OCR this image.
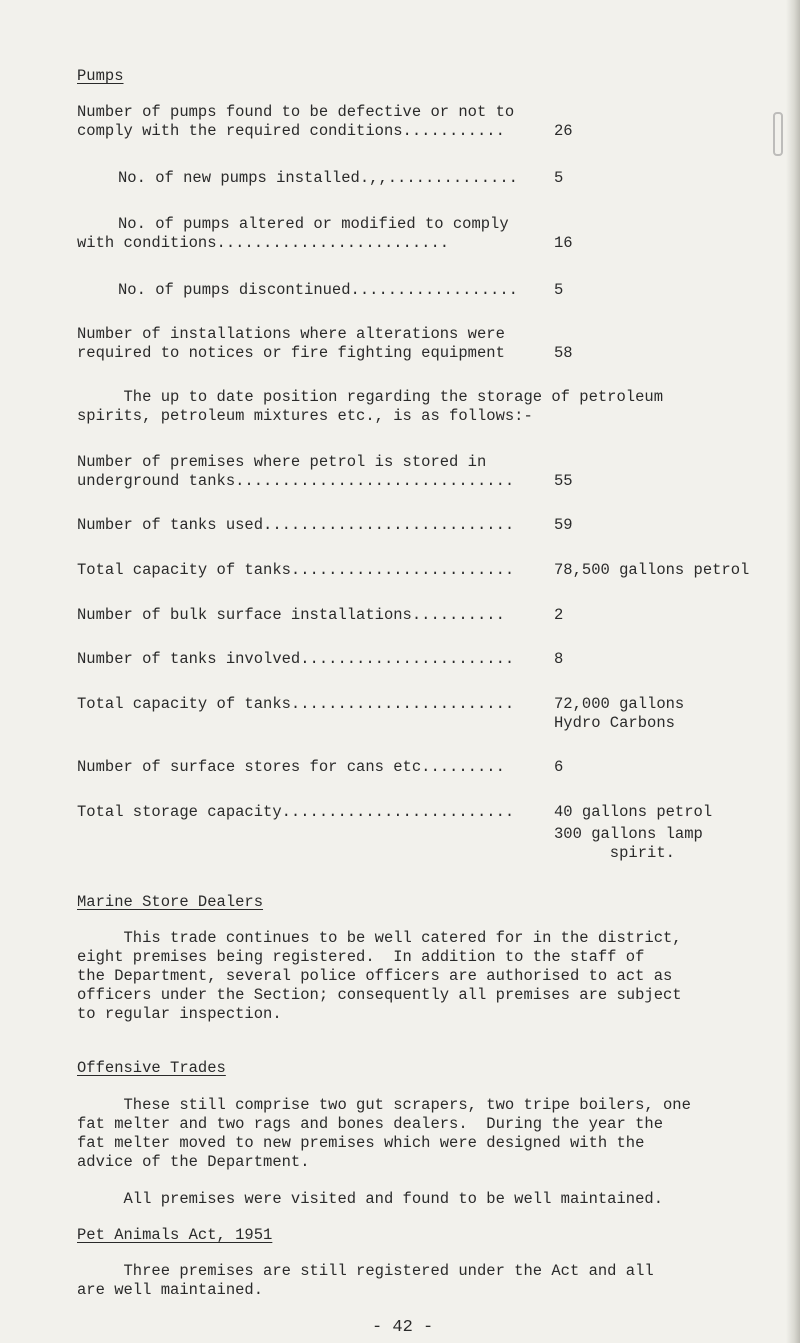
Pumps
Number of pumps found to be defective or not to
comply with the required conditions...........	26
No. of new pumps installed.,,.............. 5
No. of pumps altered or modified to comply
with conditions.........................	16
No. of pumps discontinued.................. 5
Number of installations where alterations were
required to notices or fire fighting equipment	58
The up to date position regarding the storage of petroleum
spirits, petroleum mixtures etc., is as follows:-
Number of premises where petrol is stored in
underground tanks..............................	55
Number of tanks used...........................	59
Total capacity of tanks........................	78,500 gallons petrol
Number of bulk surface installations..........	2
Number of tanks involved.......................	8
Total capacity of tanks........................	72,000 gallons
Hydro Carbons
Number of surface stores for cans etc.........	6
Total storage capacity.........................	40 gallons petrol
300 gallons lamp
spirit.
Marine Store Dealers
This trade continues to be well catered for in the district,
eight premises being registered.  In addition to the staff of
the Department, several police officers are authorised to act as
officers under the Section; consequently all premises are subject
to regular inspection.
Offensive Trades
These still comprise two gut scrapers, two tripe boilers, one
fat melter and two rags and bones dealers.  During the year the
fat melter moved to new premises which were designed with the
advice of the Department.
All premises were visited and found to be well maintained.
Pet Animals Act, 1951
Three premises are still registered under the Act and all
are well maintained.
- 42 -
